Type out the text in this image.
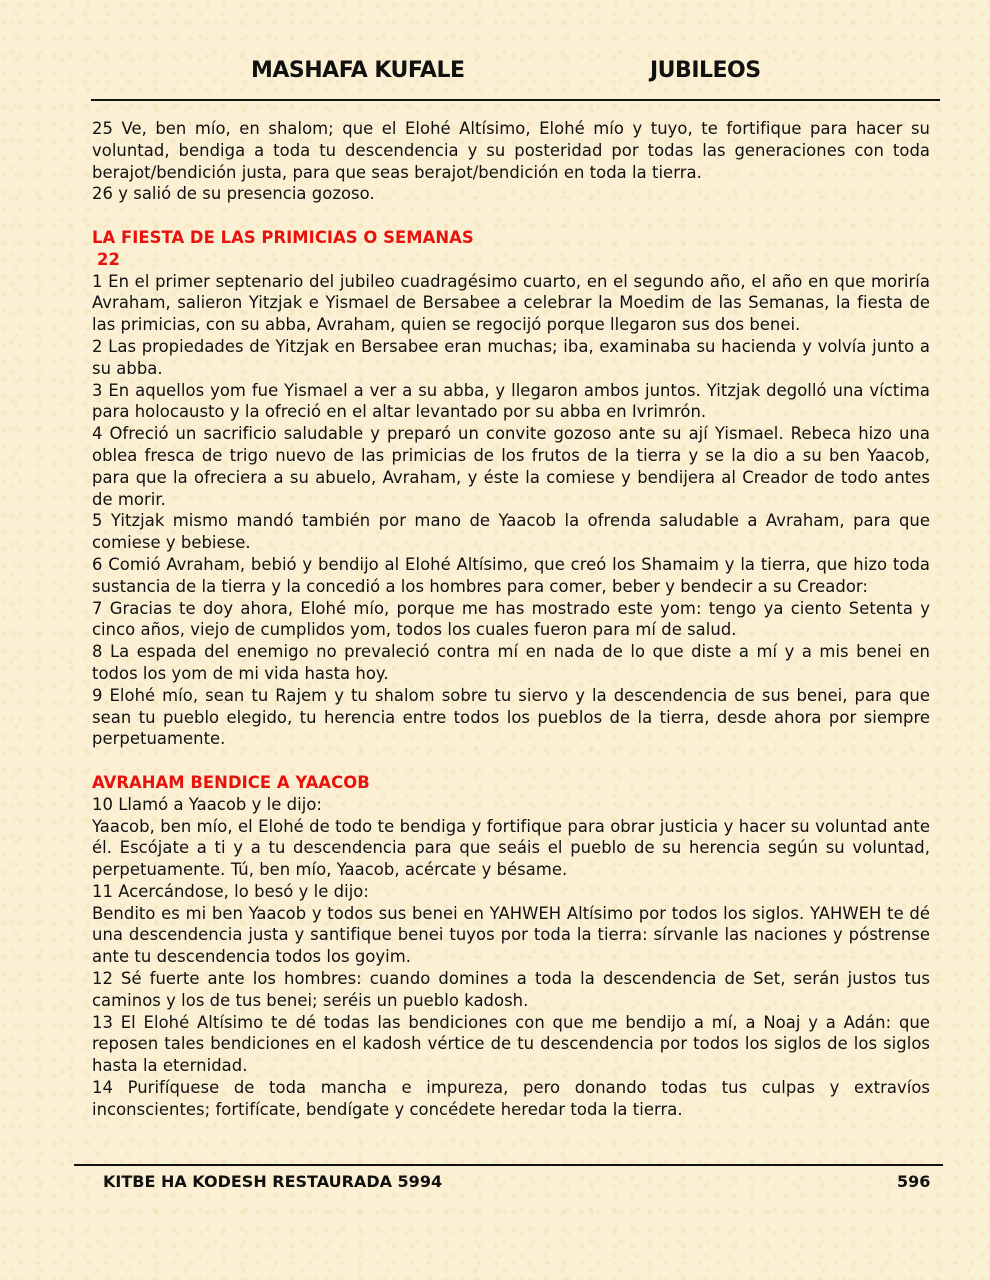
MASHAFA KUFALE	JUBILEOS

25 Ve, ben mío, en shalom; que el Elohé Altísimo, Elohé mío y tuyo, te fortifique para hacer su voluntad, bendiga a toda tu descendencia y su posteridad por todas las generaciones con toda berajot/bendición justa, para que seas berajot/bendición en toda la tierra.

26 y salió de su presencia gozoso.

LA FIESTA DE LAS PRIMICIAS O SEMANAS

22

1 En el primer septenario del jubileo cuadragésimo cuarto, en el segundo año, el año en que moriría Avraham, salieron Yitzjak e Yismael de Bersabee a celebrar la Moedim de las Semanas, la fiesta de las primicias, con su abba, Avraham, quien se regocijó porque llegaron sus dos benei.

2 Las propiedades de Yitzjak en Bersabee eran muchas; iba, examinaba su hacienda y volvía junto a su abba.

3 En aquellos yom fue Yismael a ver a su abba, y llegaron ambos juntos. Yitzjak degolló una víctima para holocausto y la ofreció en el altar levantado por su abba en Ivrimrón.

4 Ofreció un sacrificio saludable y preparó un convite gozoso ante su ají Yismael. Rebeca hizo una oblea fresca de trigo nuevo de las primicias de los frutos de la tierra y se la dio a su ben Yaacob, para que la ofreciera a su abuelo, Avraham, y éste la comiese y bendijera al Creador de todo antes de morir.

5 Yitzjak mismo mandó también por mano de Yaacob la ofrenda saludable a Avraham, para que comiese y bebiese.

6 Comió Avraham, bebió y bendijo al Elohé Altísimo, que creó los Shamaim y la tierra, que hizo toda sustancia de la tierra y la concedió a los hombres para comer, beber y bendecir a su Creador:

7 Gracias te doy ahora, Elohé mío, porque me has mostrado este yom: tengo ya ciento Setenta y cinco años, viejo de cumplidos yom, todos los cuales fueron para mí de salud.

8 La espada del enemigo no prevaleció contra mí en nada de lo que diste a mí y a mis benei en todos los yom de mi vida hasta hoy.

9 Elohé mío, sean tu Rajem y tu shalom sobre tu siervo y la descendencia de sus benei, para que sean tu pueblo elegido, tu herencia entre todos los pueblos de la tierra, desde ahora por siempre perpetuamente.

AVRAHAM BENDICE A YAACOB

10 Llamó a Yaacob y le dijo:

Yaacob, ben mío, el Elohé de todo te bendiga y fortifique para obrar justicia y hacer su voluntad ante él. Escójate a ti y a tu descendencia para que seáis el pueblo de su herencia según su voluntad, perpetuamente. Tú, ben mío, Yaacob, acércate y bésame.

11 Acercándose, lo besó y le dijo:

Bendito es mi ben Yaacob y todos sus benei en YAHWEH Altísimo por todos los siglos. YAHWEH te dé una descendencia justa y santifique benei tuyos por toda la tierra: sírvanle las naciones y póstrense ante tu descendencia todos los goyim.

12 Sé fuerte ante los hombres: cuando domines a toda la descendencia de Set, serán justos tus caminos y los de tus benei; seréis un pueblo kadosh.

13 El Elohé Altísimo te dé todas las bendiciones con que me bendijo a mí, a Noaj y a Adán: que reposen tales bendiciones en el kadosh vértice de tu descendencia por todos los siglos de los siglos hasta la eternidad.

14 Purifíquese de toda mancha e impureza, pero donando todas tus culpas y extravíos inconscientes; fortifícate, bendígate y concédete heredar toda la tierra.

KITBE HA KODESH RESTAURADA 5994	596
